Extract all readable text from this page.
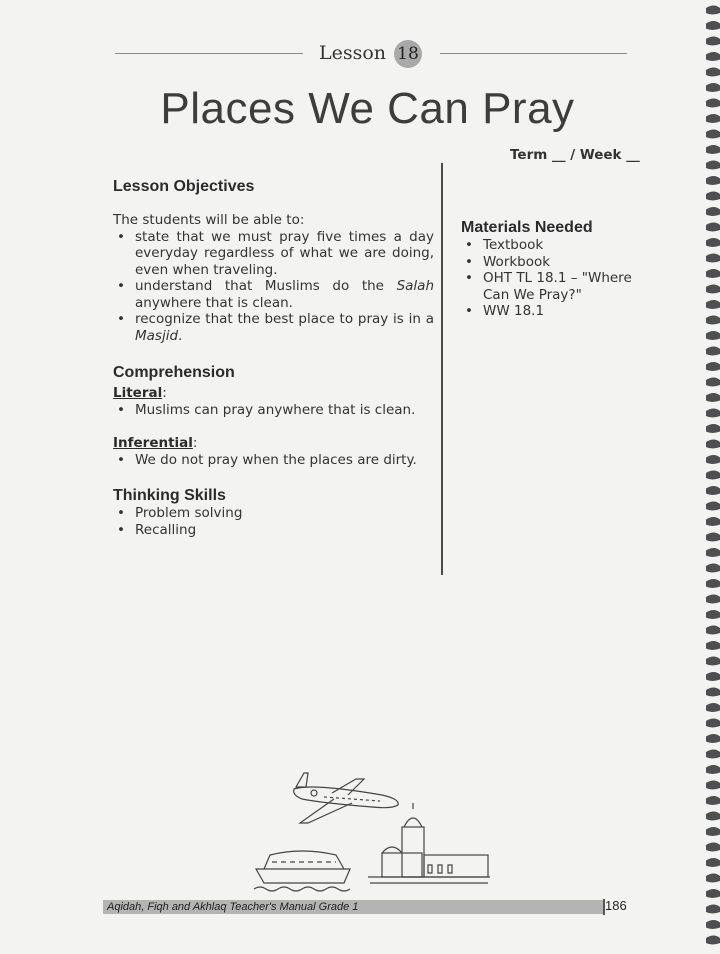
Lesson 18
Places We Can Pray
Term __ / Week __
Lesson Objectives
The students will be able to:
• state that we must pray five times a day everyday regardless of what we are doing, even when traveling.
• understand that Muslims do the Salah anywhere that is clean.
• recognize that the best place to pray is in a Masjid.
Comprehension
Literal:
• Muslims can pray anywhere that is clean.
Inferential:
• We do not pray when the places are dirty.
Thinking Skills
• Problem solving
• Recalling
Materials Needed
• Textbook
• Workbook
• OHT TL 18.1 – "Where Can We Pray?"
• WW 18.1
Aqidah, Fiqh and Akhlaq Teacher's Manual Grade 1	186
